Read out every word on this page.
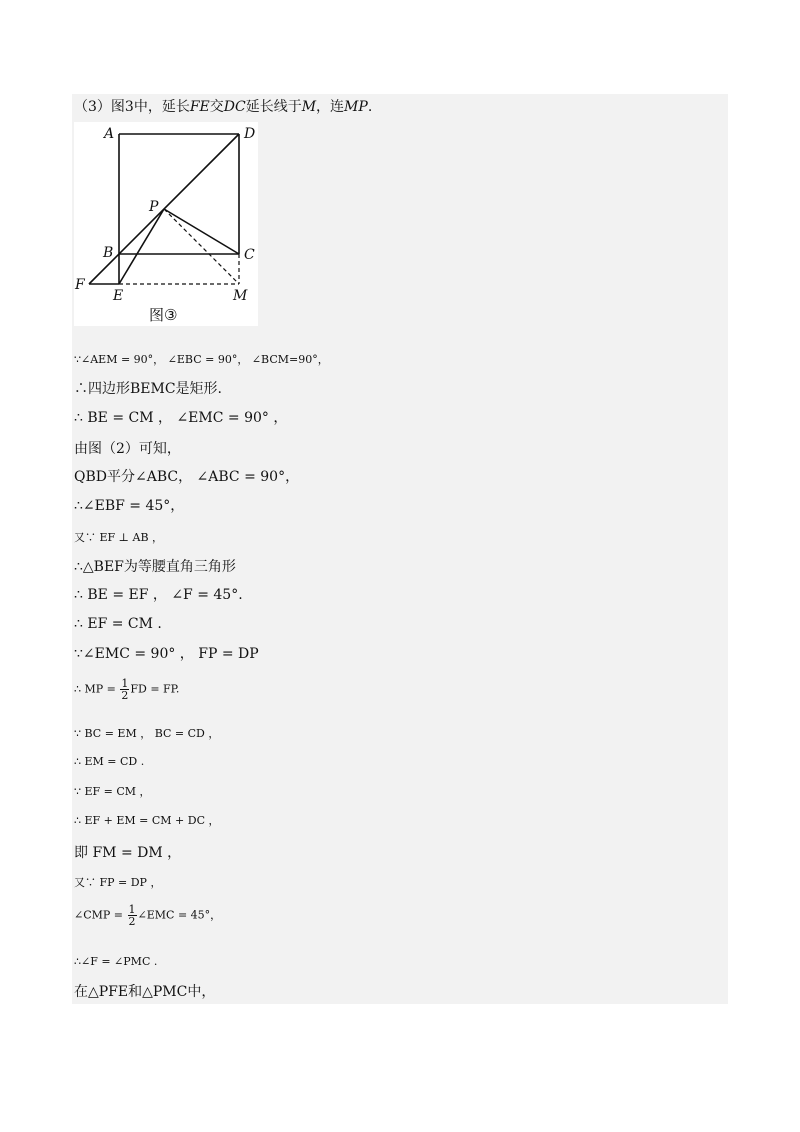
（3）图3中，延长FE交DC延长线于M，连MP.
A	D
P
B	C
F
E	M
图③
∵∠AEM = 90°， ∠EBC = 90°， ∠BCM=90°，
∴四边形BEMC是矩形.
∴ BE = CM ， ∠EMC = 90° ，
由图（2）可知，
QBD平分∠ABC， ∠ABC = 90°，
∴∠EBF = 45°，
又∵ EF ⊥ AB ，
∴△BEF为等腰直角三角形
∴ BE = EF ， ∠F = 45°.
∴ EF = CM .
∵∠EMC = 90° ， FP = DP
∴ MP = $\frac{1}{2}$ FD = FP.
∵ BC = EM ， BC = CD ，
∴ EM = CD .
∵ EF = CM ，
∴ EF + EM = CM + DC ，
即 FM = DM ，
又∵ FP = DP ，
∠CMP = $\frac{1}{2}$ ∠EMC = 45°，
∴∠F = ∠PMC .
在△PFE和△PMC中，
